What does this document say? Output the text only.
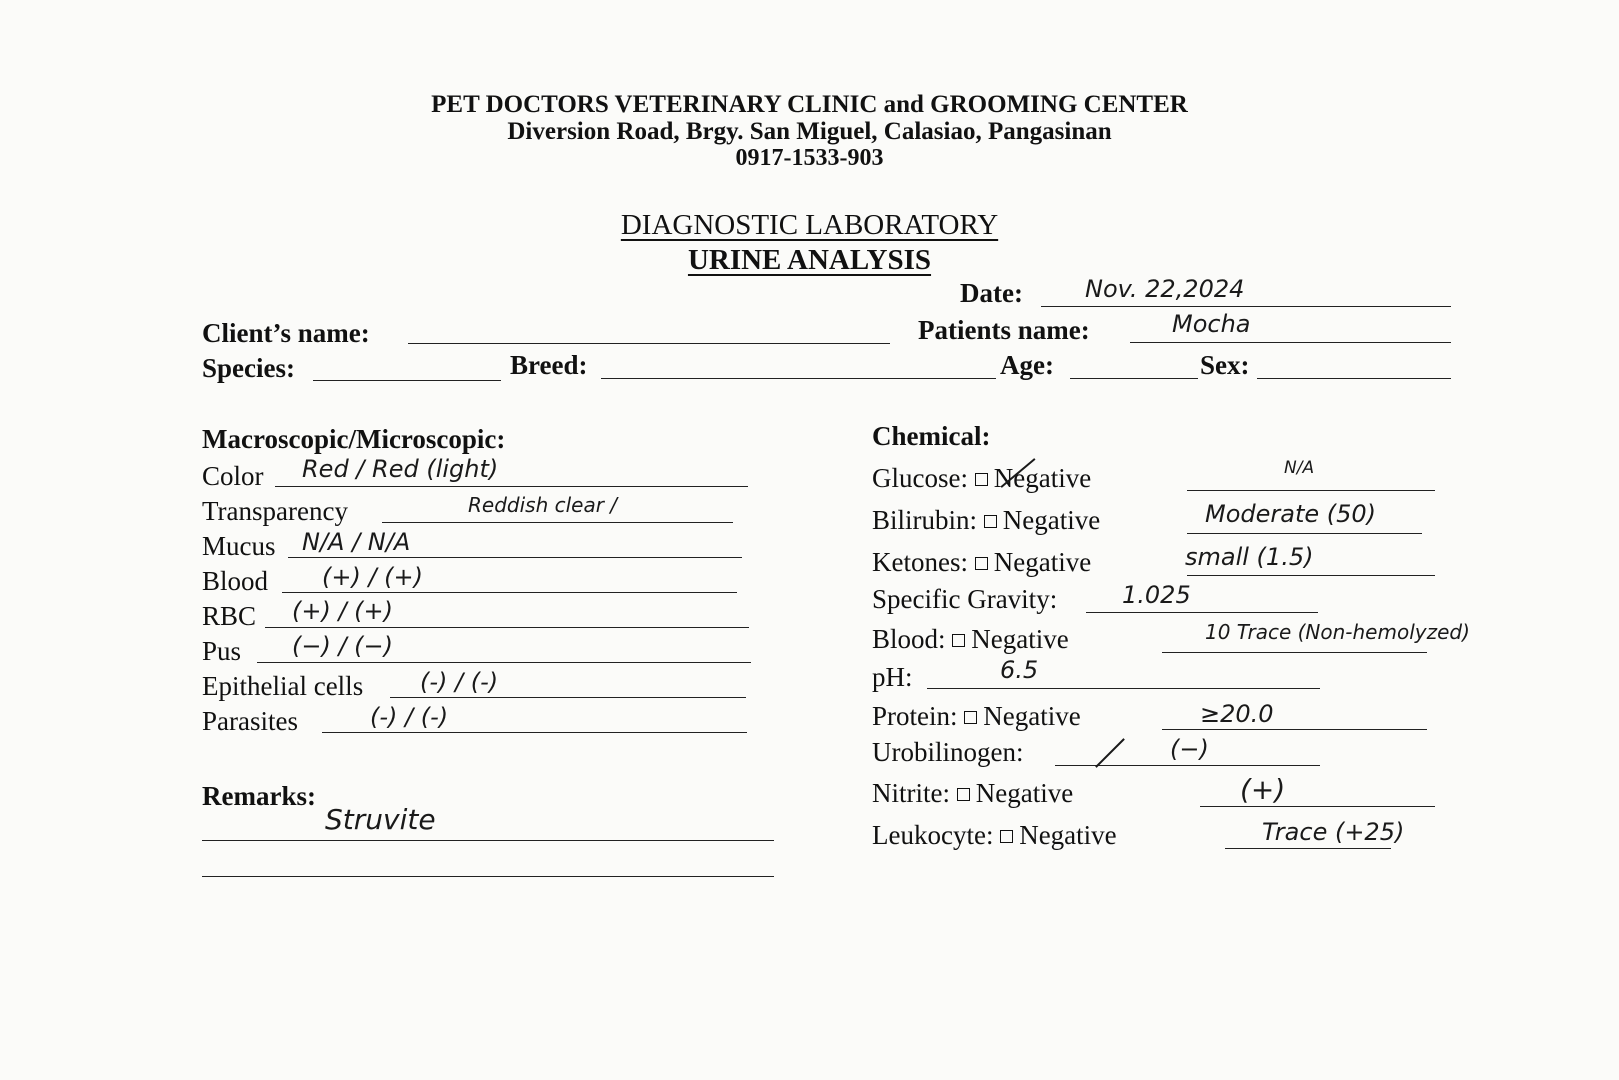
PET DOCTORS VETERINARY CLINIC and GROOMING CENTER
Diversion Road, Brgy. San Miguel, Calasiao, Pangasinan
0917-1533-903
DIAGNOSTIC LABORATORY
URINE ANALYSIS
Date:	Nov. 22,2024
Client’s name:	Patients name:	Mocha
Species:	Breed:	Age:	Sex:
Macroscopic/Microscopic:
Color Red / Red (light)
Transparency	Reddish clear /
Mucus N/A / N/A
Blood (+) / (+)
RBC (+) / (+)
Pus (−) / (−)
Epithelial cells (-) / (-)
Parasites	(-) / (-)
Remarks:
Struvite
Chemical:
Glucose: Negative	N/A
Bilirubin: Negative	Moderate (50)
Ketones: Negative	small (1.5)
Specific Gravity:	1.025
Blood: Negative	10 Trace (Non-hemolyzed)
pH:	6.5
Protein: Negative	≥20.0
Urobilinogen:	(−)
Nitrite: Negative	(+)
Leukocyte: Negative	Trace (+25)
